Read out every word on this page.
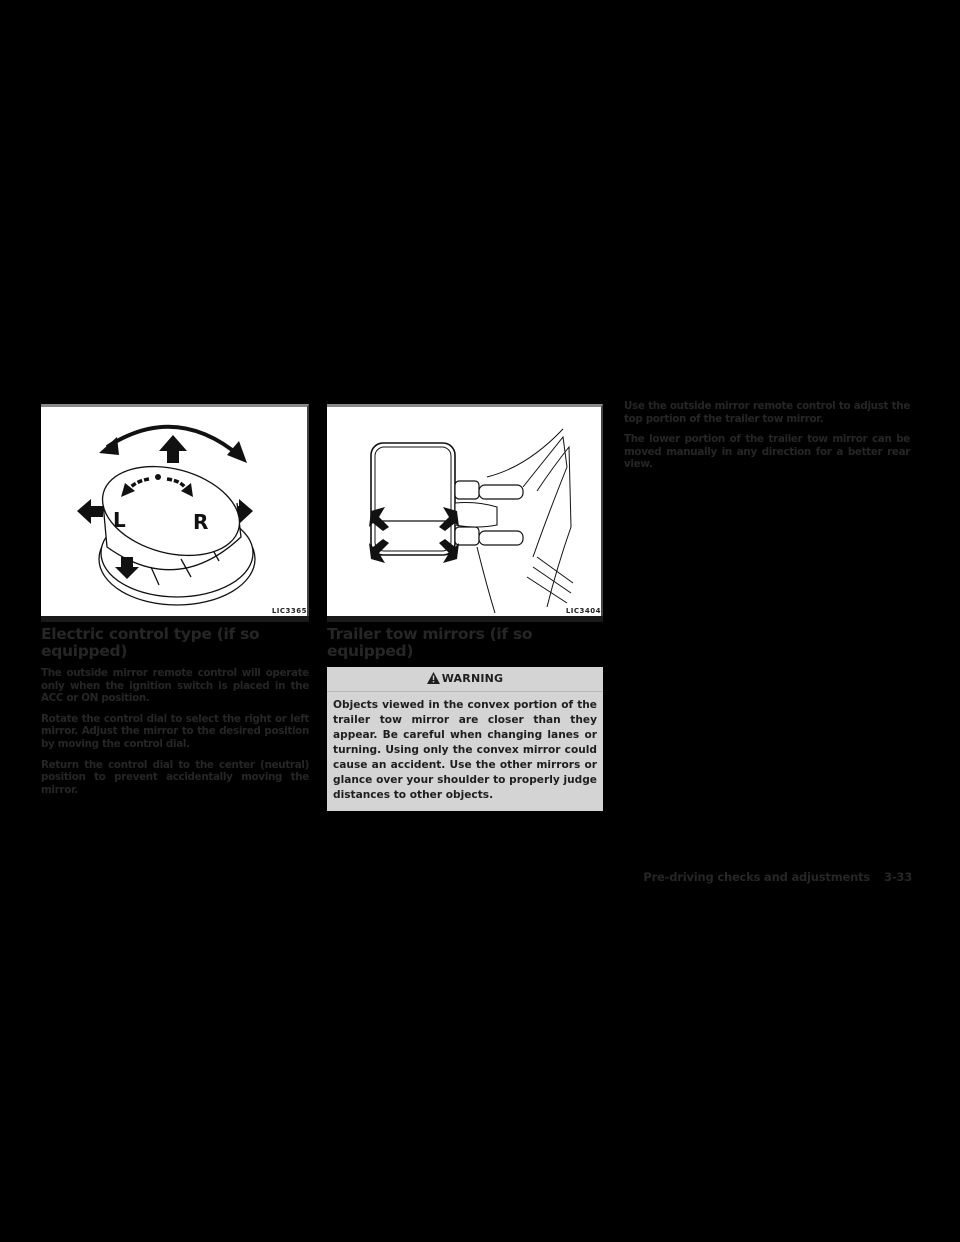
L	R
LIC3365
Electric control type (if so equipped)

The outside mirror remote control will operate only when the ignition switch is placed in the ACC or ON position.

Rotate the control dial to select the right or left mirror. Adjust the mirror to the desired position by moving the control dial.

Return the control dial to the center (neutral) position to prevent accidentally moving the mirror.

LIC3404
Trailer tow mirrors (if so equipped)
WARNING
Objects viewed in the convex portion of the trailer tow mirror are closer than they appear. Be careful when changing lanes or turning. Using only the convex mirror could cause an accident. Use the other mirrors or glance over your shoulder to properly judge distances to other objects.

Use the outside mirror remote control to adjust the top portion of the trailer tow mirror.

The lower portion of the trailer tow mirror can be moved manually in any direction for a better rear view.

Pre-driving checks and adjustments 3-33
